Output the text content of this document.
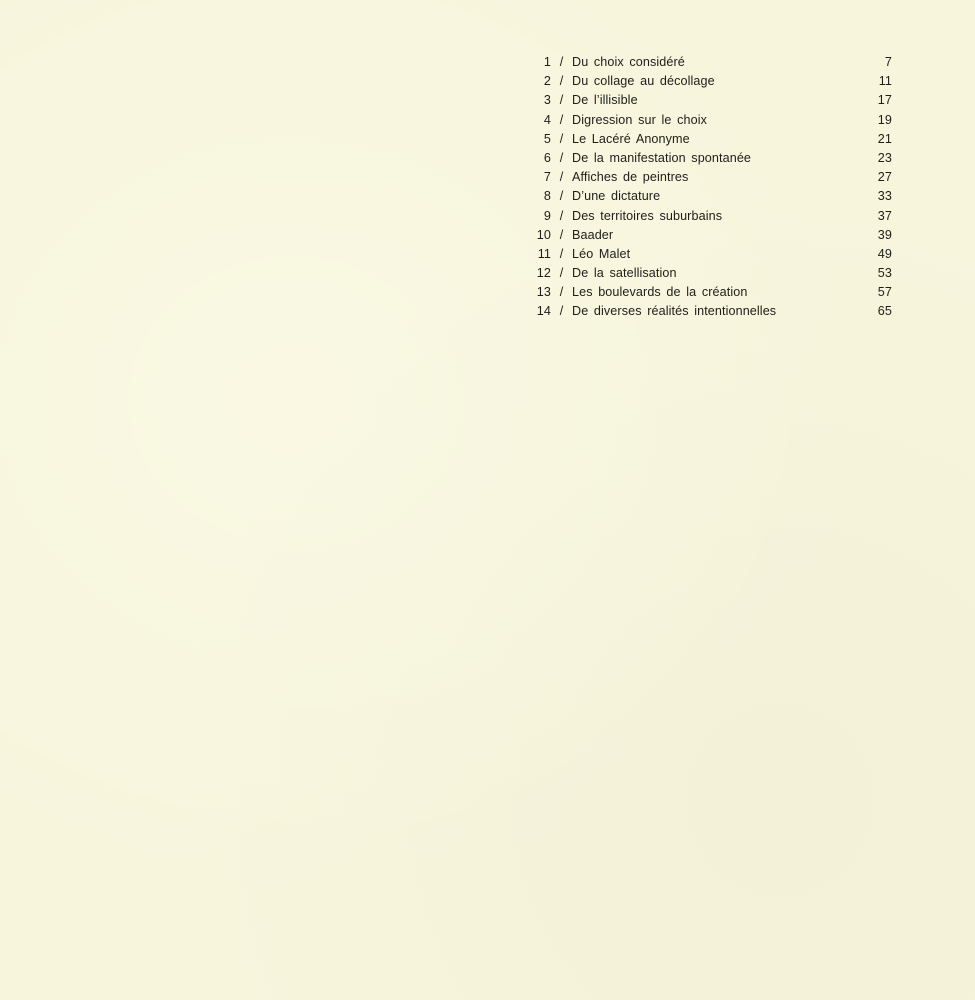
1 / Du choix considéré	7
2 / Du collage au décollage	11
3 / De l’illisible	17
4 / Digression sur le choix	19
5 / Le Lacéré Anonyme	21
6 / De la manifestation spontanée	23
7 / Affiches de peintres	27
8 / D’une dictature	33
9 / Des territoires suburbains	37
10 / Baader	39
11 / Léo Malet	49
12 / De la satellisation	53
13 / Les boulevards de la création	57
14 / De diverses réalités intentionnelles	65
